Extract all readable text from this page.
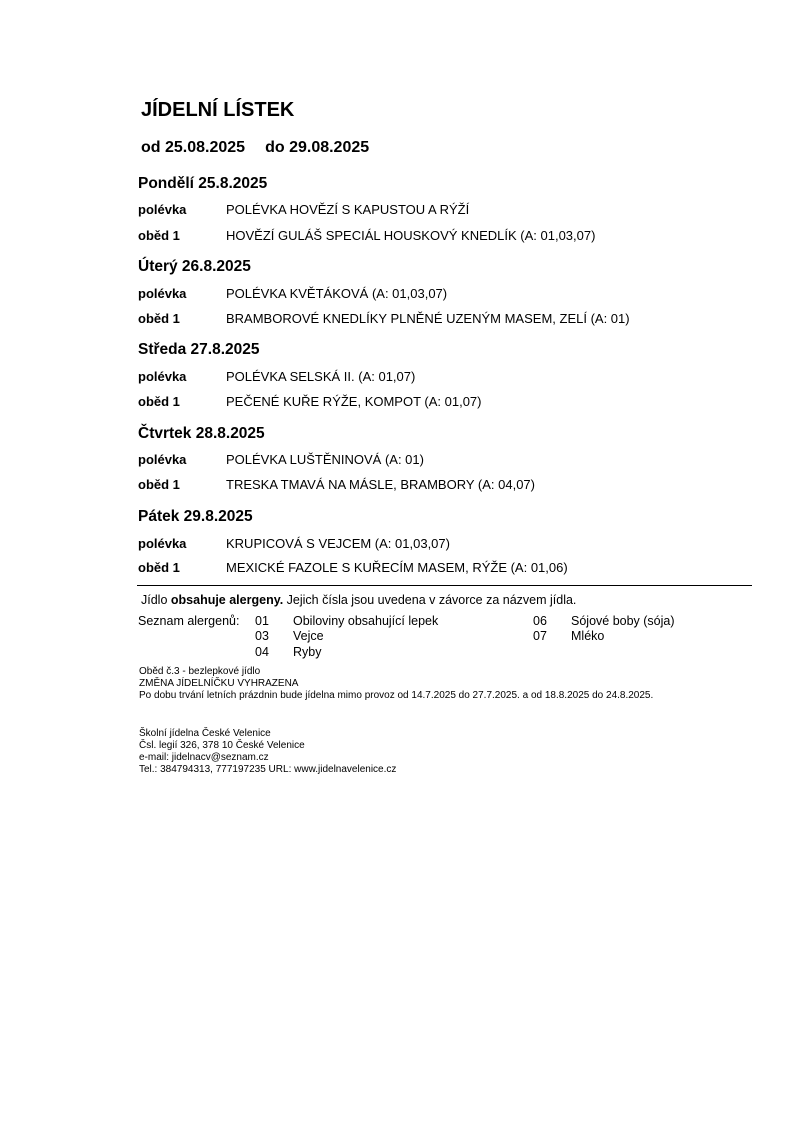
JÍDELNÍ LÍSTEK
od 25.08.2025 do 29.08.2025
Pondělí 25.8.2025
polévka	POLÉVKA HOVĚZÍ S KAPUSTOU A RÝŽÍ
oběd 1	HOVĚZÍ GULÁŠ SPECIÁL HOUSKOVÝ KNEDLÍK (A: 01,03,07)
Úterý 26.8.2025
polévka	POLÉVKA KVĚTÁKOVÁ (A: 01,03,07)
oběd 1	BRAMBOROVÉ KNEDLÍKY PLNĚNÉ UZENÝM MASEM, ZELÍ (A: 01)
Středa 27.8.2025
polévka	POLÉVKA SELSKÁ II. (A: 01,07)
oběd 1	PEČENÉ KUŘE RÝŽE, KOMPOT (A: 01,07)
Čtvrtek 28.8.2025
polévka	POLÉVKA LUŠTĚNINOVÁ (A: 01)
oběd 1	TRESKA TMAVÁ NA MÁSLE, BRAMBORY (A: 04,07)
Pátek 29.8.2025
polévka	KRUPICOVÁ S VEJCEM (A: 01,03,07)
oběd 1	MEXICKÉ FAZOLE S KUŘECÍM MASEM, RÝŽE (A: 01,06)
Jídlo obsahuje alergeny. Jejich čísla jsou uvedena v závorce za názvem jídla.
Seznam alergenů: 01 Obiloviny obsahující lepek
03 Vejce
04 Ryby
06 Sójové boby (sója)
07 Mléko
Oběd č.3 - bezlepkové jídlo
ZMĚNA JÍDELNÍČKU VYHRAZENA
Po dobu trvání letních prázdnin bude jídelna mimo provoz od 14.7.2025 do 27.7.2025. a od 18.8.2025 do 24.8.2025.
Školní jídelna České Velenice
Čsl. legií 326, 378 10 České Velenice
e-mail: jidelnacv@seznam.cz
Tel.: 384794313, 777197235 URL: www.jidelnavelenice.cz
